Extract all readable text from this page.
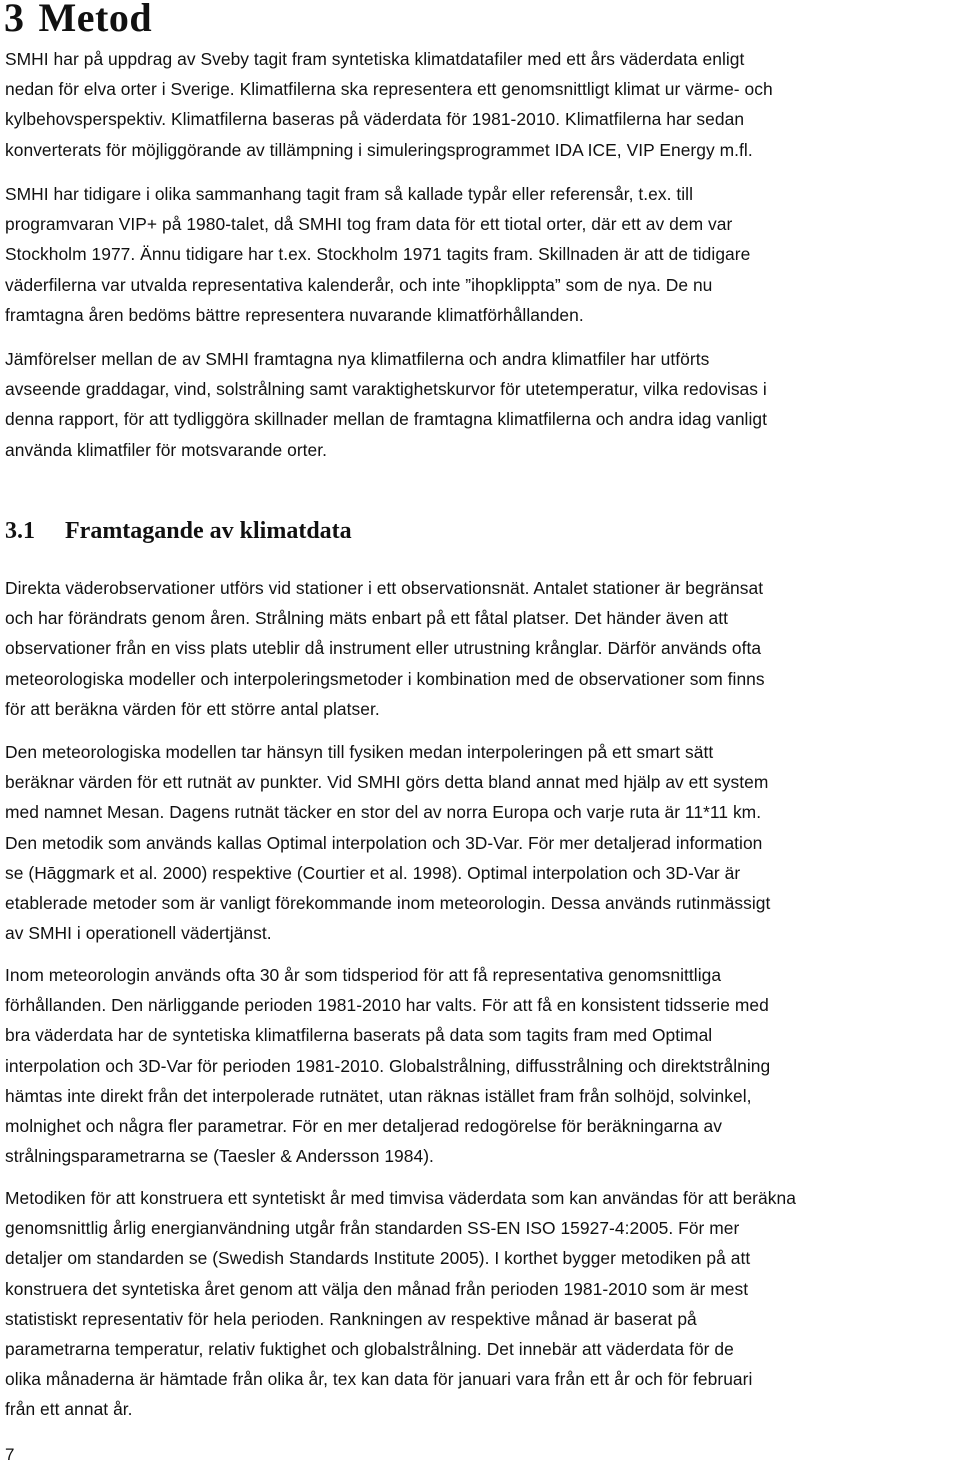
3 Metod

SMHI har på uppdrag av Sveby tagit fram syntetiska klimatdatafiler med ett års väderdata enligt
nedan för elva orter i Sverige. Klimatfilerna ska representera ett genomsnittligt klimat ur värme- och
kylbehovsperspektiv. Klimatfilerna baseras på väderdata för 1981-2010. Klimatfilerna har sedan
konverterats för möjliggörande av tillämpning i simuleringsprogrammet IDA ICE, VIP Energy m.fl.

SMHI har tidigare i olika sammanhang tagit fram så kallade typår eller referensår, t.ex. till
programvaran VIP+ på 1980-talet, då SMHI tog fram data för ett tiotal orter, där ett av dem var
Stockholm 1977. Ännu tidigare har t.ex. Stockholm 1971 tagits fram. Skillnaden är att de tidigare
väderfilerna var utvalda representativa kalenderår, och inte ”ihopklippta” som de nya. De nu
framtagna åren bedöms bättre representera nuvarande klimatförhållanden.

Jämförelser mellan de av SMHI framtagna nya klimatfilerna och andra klimatfiler har utförts
avseende graddagar, vind, solstrålning samt varaktighetskurvor för utetemperatur, vilka redovisas i
denna rapport, för att tydliggöra skillnader mellan de framtagna klimatfilerna och andra idag vanligt
använda klimatfiler för motsvarande orter.

3.1 Framtagande av klimatdata

Direkta väderobservationer utförs vid stationer i ett observationsnät. Antalet stationer är begränsat
och har förändrats genom åren. Strålning mäts enbart på ett fåtal platser. Det händer även att
observationer från en viss plats uteblir då instrument eller utrustning krånglar. Därför används ofta
meteorologiska modeller och interpoleringsmetoder i kombination med de observationer som finns
för att beräkna värden för ett större antal platser.

Den meteorologiska modellen tar hänsyn till fysiken medan interpoleringen på ett smart sätt
beräknar värden för ett rutnät av punkter. Vid SMHI görs detta bland annat med hjälp av ett system
med namnet Mesan. Dagens rutnät täcker en stor del av norra Europa och varje ruta är 11*11 km.
Den metodik som används kallas Optimal interpolation och 3D-Var. För mer detaljerad information
se (Hāggmark et al. 2000) respektive (Courtier et al. 1998). Optimal interpolation och 3D-Var är
etablerade metoder som är vanligt förekommande inom meteorologin. Dessa används rutinmässigt
av SMHI i operationell vädertjänst.

Inom meteorologin används ofta 30 år som tidsperiod för att få representativa genomsnittliga
förhållanden. Den närliggande perioden 1981-2010 har valts. För att få en konsistent tidsserie med
bra väderdata har de syntetiska klimatfilerna baserats på data som tagits fram med Optimal
interpolation och 3D-Var för perioden 1981-2010. Globalstrålning, diffusstrålning och direktstrålning
hämtas inte direkt från det interpolerade rutnätet, utan räknas istället fram från solhöjd, solvinkel,
molnighet och några fler parametrar. För en mer detaljerad redogörelse för beräkningarna av
strålningsparametrarna se (Taesler & Andersson 1984).

Metodiken för att konstruera ett syntetiskt år med timvisa väderdata som kan användas för att beräkna
genomsnittlig årlig energianvändning utgår från standarden SS-EN ISO 15927-4:2005. För mer
detaljer om standarden se (Swedish Standards Institute 2005). I korthet bygger metodiken på att
konstruera det syntetiska året genom att välja den månad från perioden 1981-2010 som är mest
statistiskt representativ för hela perioden. Rankningen av respektive månad är baserat på
parametrarna temperatur, relativ fuktighet och globalstrålning. Det innebär att väderdata för de
olika månaderna är hämtade från olika år, tex kan data för januari vara från ett år och för februari
från ett annat år.

7
